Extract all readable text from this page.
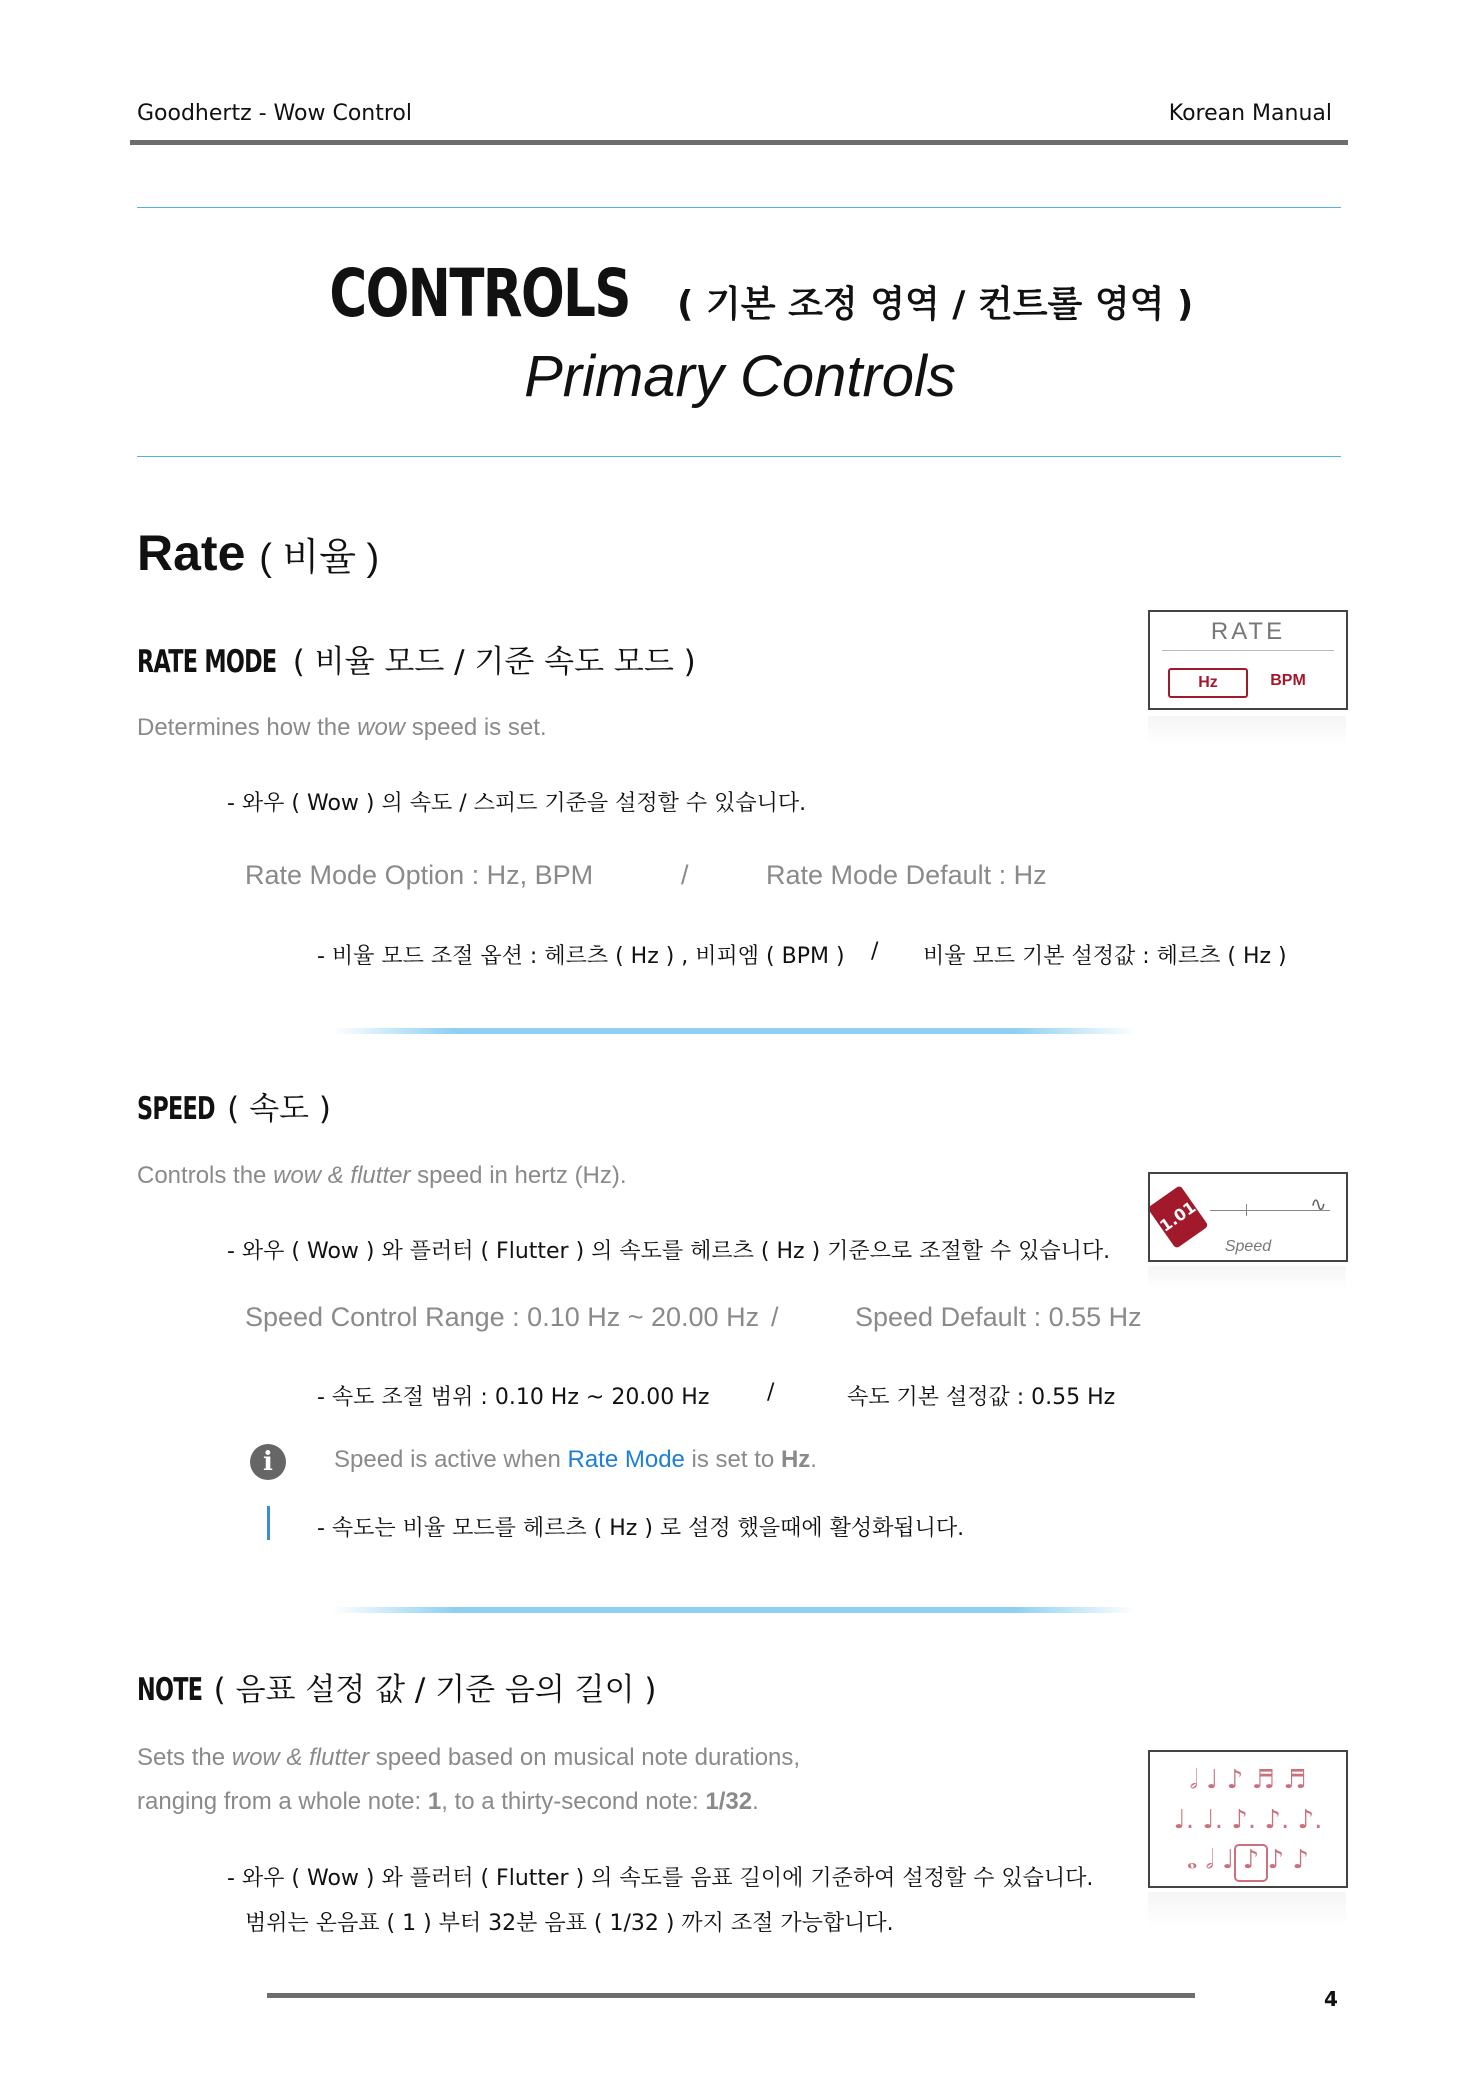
Goodhertz - Wow Control	Korean Manual
CONTROLS ( 기본 조정 영역 / 컨트롤 영역 )
Primary Controls
Rate ( 비율 )
RATE MODE ( 비율 모드 / 기준 속도 모드 )
Determines how the wow speed is set.
- 와우 ( Wow ) 의 속도 / 스피드 기준을 설정할 수 있습니다.
Rate Mode Option : Hz, BPM	/	Rate Mode Default : Hz
- 비율 모드 조절 옵션 : 헤르츠 ( Hz ) , 비피엠 ( BPM ) / 비율 모드 기본 설정값 : 헤르츠 ( Hz )
RATE
Hz	BPM
SPEED ( 속도 )
Controls the wow & flutter speed in hertz (Hz).
- 와우 ( Wow ) 와 플러터 ( Flutter ) 의 속도를 헤르츠 ( Hz ) 기준으로 조절할 수 있습니다.
Speed Control Range : 0.10 Hz ~ 20.00 Hz /	Speed Default : 0.55 Hz
- 속도 조절 범위 : 0.10 Hz ~ 20.00 Hz	/	속도 기본 설정값 : 0.55 Hz
i	Speed is active when Rate Mode is set to Hz.
- 속도는 비율 모드를 헤르츠 ( Hz ) 로 설정 했을때에 활성화됩니다.
1.01	∿
Speed
NOTE ( 음표 설정 값 / 기준 음의 길이 )
Sets the wow & flutter speed based on musical note durations,
ranging from a whole note: 1, to a thirty-second note: 1/32.
- 와우 ( Wow ) 와 플러터 ( Flutter ) 의 속도를 음표 길이에 기준하여 설정할 수 있습니다.
범위는 온음표 ( 1 ) 부터 32분 음표 ( 1/32 ) 까지 조절 가능합니다.
𝅗𝅥 ♩ ♪ ♬ ♬
♩. ♩. ♪. ♪. ♪.
𝅝 𝅗𝅥 ♩ ♪ ♪ ♪
4
